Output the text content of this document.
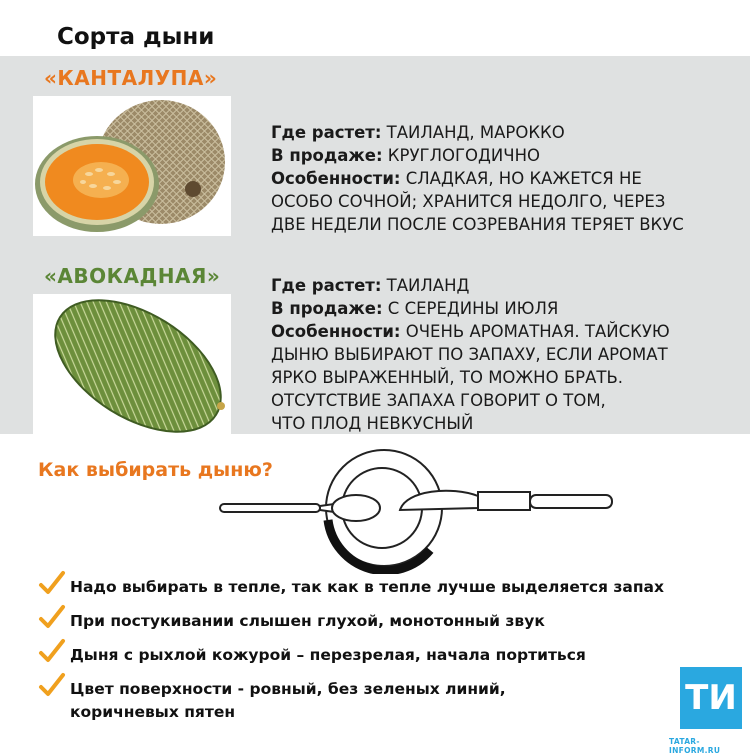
Сорта дыни
«КАНТАЛУПА»
Где растет: ТАИЛАНД, МАРОККО
В продаже: КРУГЛОГОДИЧНО
Особенности: СЛАДКАЯ, НО КАЖЕТСЯ НЕ
ОСОБО СОЧНОЙ; ХРАНИТСЯ НЕДОЛГО, ЧЕРЕЗ
ДВЕ НЕДЕЛИ ПОСЛЕ СОЗРЕВАНИЯ ТЕРЯЕТ ВКУС
«АВОКАДНАЯ»	Где растет: ТАИЛАНД
В продаже: С СЕРЕДИНЫ ИЮЛЯ
Особенности: ОЧЕНЬ АРОМАТНАЯ. ТАЙСКУЮ
ДЫНЮ ВЫБИРАЮТ ПО ЗАПАХУ, ЕСЛИ АРОМАТ
ЯРКО ВЫРАЖЕННЫЙ, ТО МОЖНО БРАТЬ.
ОТСУТСТВИЕ ЗАПАХА ГОВОРИТ О ТОМ,
ЧТО ПЛОД НЕВКУСНЫЙ
Как выбирать дыню?
Надо выбирать в тепле, так как в тепле лучше выделяется запах
При постукивании слышен глухой, монотонный звук
Дыня с рыхлой кожурой – перезрелая, начала портиться
Цвет поверхности - ровный, без зеленых линий, коричневых пятен	ТИ
TATAR-INFORM.RU
